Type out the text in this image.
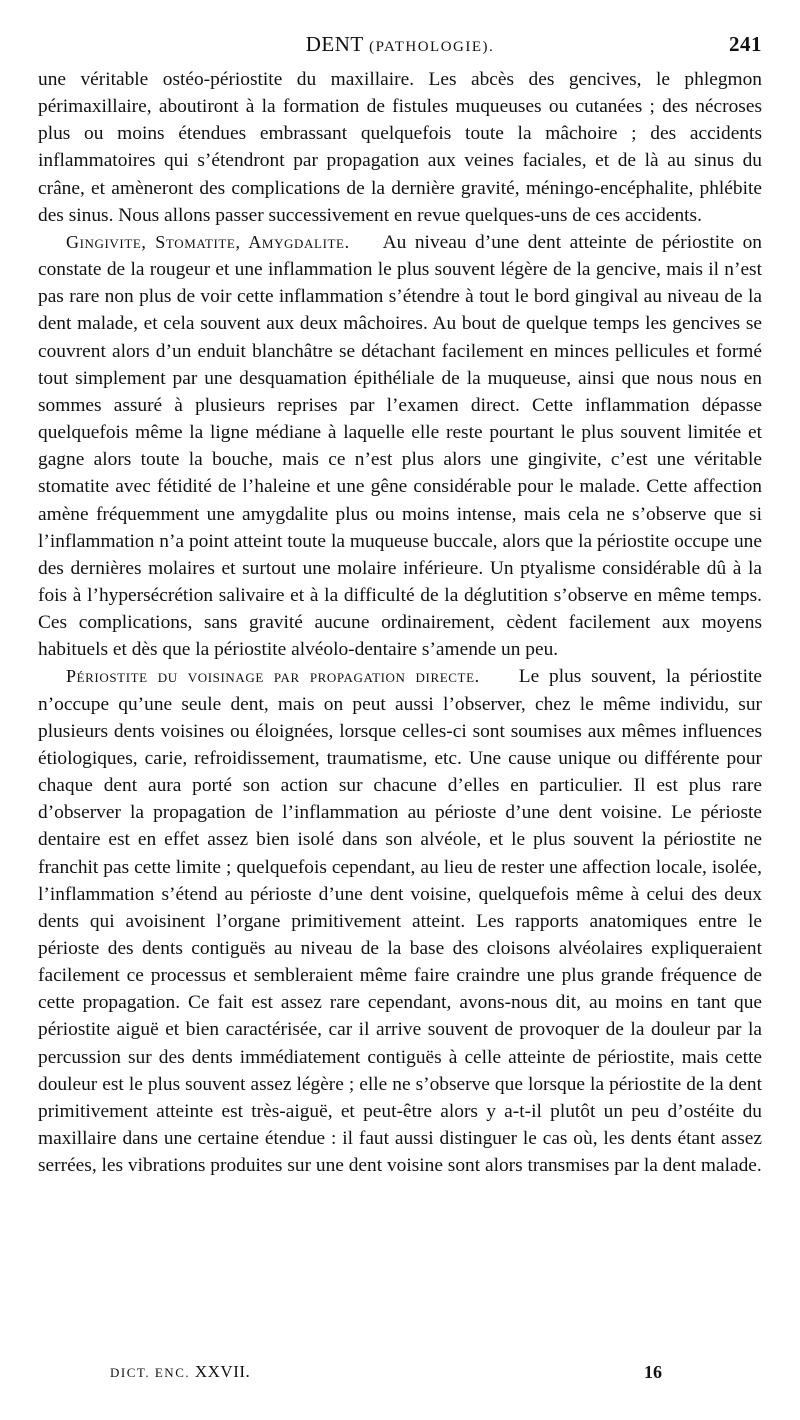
DENT (PATHOLOGIE).	241

une véritable ostéo-périostite du maxillaire. Les abcès des gencives, le phlegmon périmaxillaire, aboutiront à la formation de fistules muqueuses ou cutanées ; des nécroses plus ou moins étendues embrassant quelquefois toute la mâchoire ; des accidents inflammatoires qui s’étendront par propagation aux veines faciales, et de là au sinus du crâne, et amèneront des complications de la dernière gravité, méningo-encéphalite, phlébite des sinus. Nous allons passer successivement en revue quelques-uns de ces accidents.

Gingivite, Stomatite, Amygdalite. Au niveau d’une dent atteinte de périostite on constate de la rougeur et une inflammation le plus souvent légère de la gencive, mais il n’est pas rare non plus de voir cette inflammation s’étendre à tout le bord gingival au niveau de la dent malade, et cela souvent aux deux mâchoires. Au bout de quelque temps les gencives se couvrent alors d’un enduit blanchâtre se détachant facilement en minces pellicules et formé tout simplement par une desquamation épithéliale de la muqueuse, ainsi que nous nous en sommes assuré à plusieurs reprises par l’examen direct. Cette inflammation dépasse quelquefois même la ligne médiane à laquelle elle reste pourtant le plus souvent limitée et gagne alors toute la bouche, mais ce n’est plus alors une gingivite, c’est une véritable stomatite avec fétidité de l’haleine et une gêne considérable pour le malade. Cette affection amène fréquemment une amygdalite plus ou moins intense, mais cela ne s’observe que si l’inflammation n’a point atteint toute la muqueuse buccale, alors que la périostite occupe une des dernières molaires et surtout une molaire inférieure. Un ptyalisme considérable dû à la fois à l’hypersécrétion salivaire et à la difficulté de la déglutition s’observe en même temps. Ces complications, sans gravité aucune ordinairement, cèdent facilement aux moyens habituels et dès que la périostite alvéolo-dentaire s’amende un peu.

Périostite du voisinage par propagation directe. Le plus souvent, la périostite n’occupe qu’une seule dent, mais on peut aussi l’observer, chez le même individu, sur plusieurs dents voisines ou éloignées, lorsque celles-ci sont soumises aux mêmes influences étiologiques, carie, refroidissement, traumatisme, etc. Une cause unique ou différente pour chaque dent aura porté son action sur chacune d’elles en particulier. Il est plus rare d’observer la propagation de l’inflammation au périoste d’une dent voisine. Le périoste dentaire est en effet assez bien isolé dans son alvéole, et le plus souvent la périostite ne franchit pas cette limite ; quelquefois cependant, au lieu de rester une affection locale, isolée, l’inflammation s’étend au périoste d’une dent voisine, quelquefois même à celui des deux dents qui avoisinent l’organe primitivement atteint. Les rapports anatomiques entre le périoste des dents contiguës au niveau de la base des cloisons alvéolaires expliqueraient facilement ce processus et sembleraient même faire craindre une plus grande fréquence de cette propagation. Ce fait est assez rare cependant, avons-nous dit, au moins en tant que périostite aiguë et bien caractérisée, car il arrive souvent de provoquer de la douleur par la percussion sur des dents immédiatement contiguës à celle atteinte de périostite, mais cette douleur est le plus souvent assez légère ; elle ne s’observe que lorsque la périostite de la dent primitivement atteinte est très-aiguë, et peut-être alors y a-t-il plutôt un peu d’ostéite du maxillaire dans une certaine étendue : il faut aussi distinguer le cas où, les dents étant assez serrées, les vibrations produites sur une dent voisine sont alors transmises par la dent malade.

DICT. ENC. XXVII.	16
